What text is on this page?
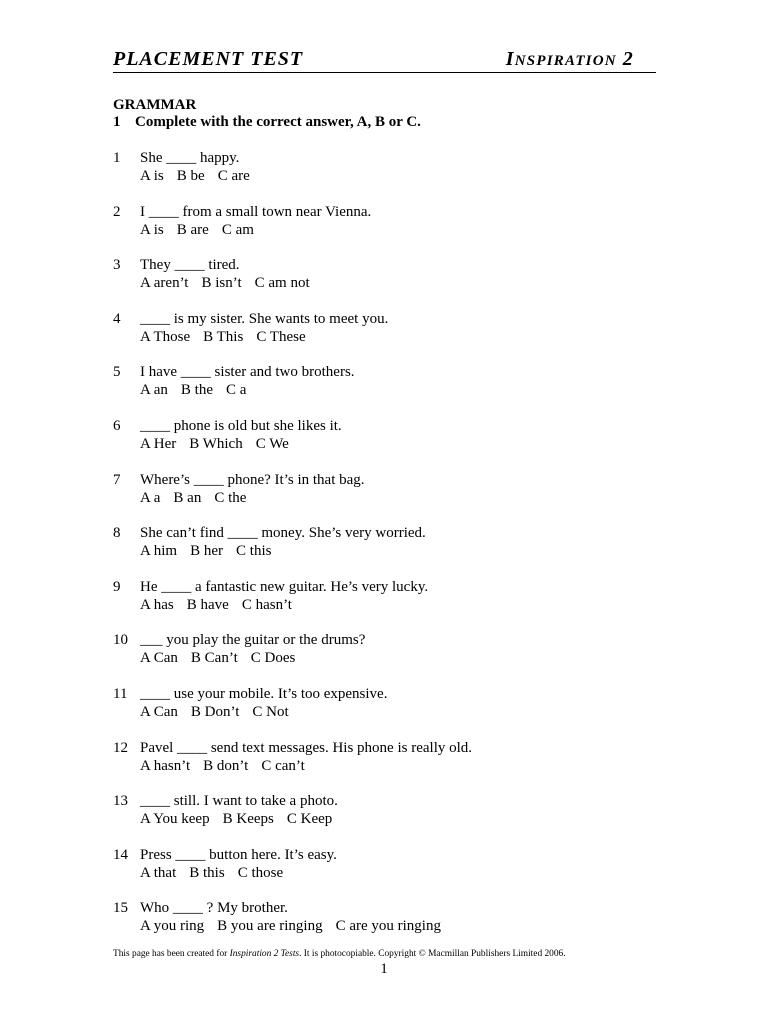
PLACEMENT TEST	INSPIRATION 2
GRAMMAR
1 Complete with the correct answer, A, B or C.
1	She ____ happy.
A is B be C are
2	I ____ from a small town near Vienna.
A is B are C am
3	They ____ tired.
A aren’t B isn’t C am not
4	____ is my sister. She wants to meet you.
A Those B This C These
5	I have ____ sister and two brothers.
A an B the C a
6	____ phone is old but she likes it.
A Her B Which C We
7	Where’s ____ phone? It’s in that bag.
A a B an C the
8	She can’t find ____ money. She’s very worried.
A him B her C this
9	He ____ a fantastic new guitar. He’s very lucky.
A has B have C hasn’t
10 ___ you play the guitar or the drums?
A Can B Can’t C Does
11 ____ use your mobile. It’s too expensive.
A Can B Don’t C Not
12 Pavel ____ send text messages. His phone is really old.
A hasn’t B don’t C can’t
13 ____ still. I want to take a photo.
A You keep B Keeps C Keep
14 Press ____ button here. It’s easy.
A that B this C those
15 Who ____ ? My brother.
A you ring B you are ringing C are you ringing
This page has been created for Inspiration 2 Tests. It is photocopiable. Copyright © Macmillan Publishers Limited 2006.
1
